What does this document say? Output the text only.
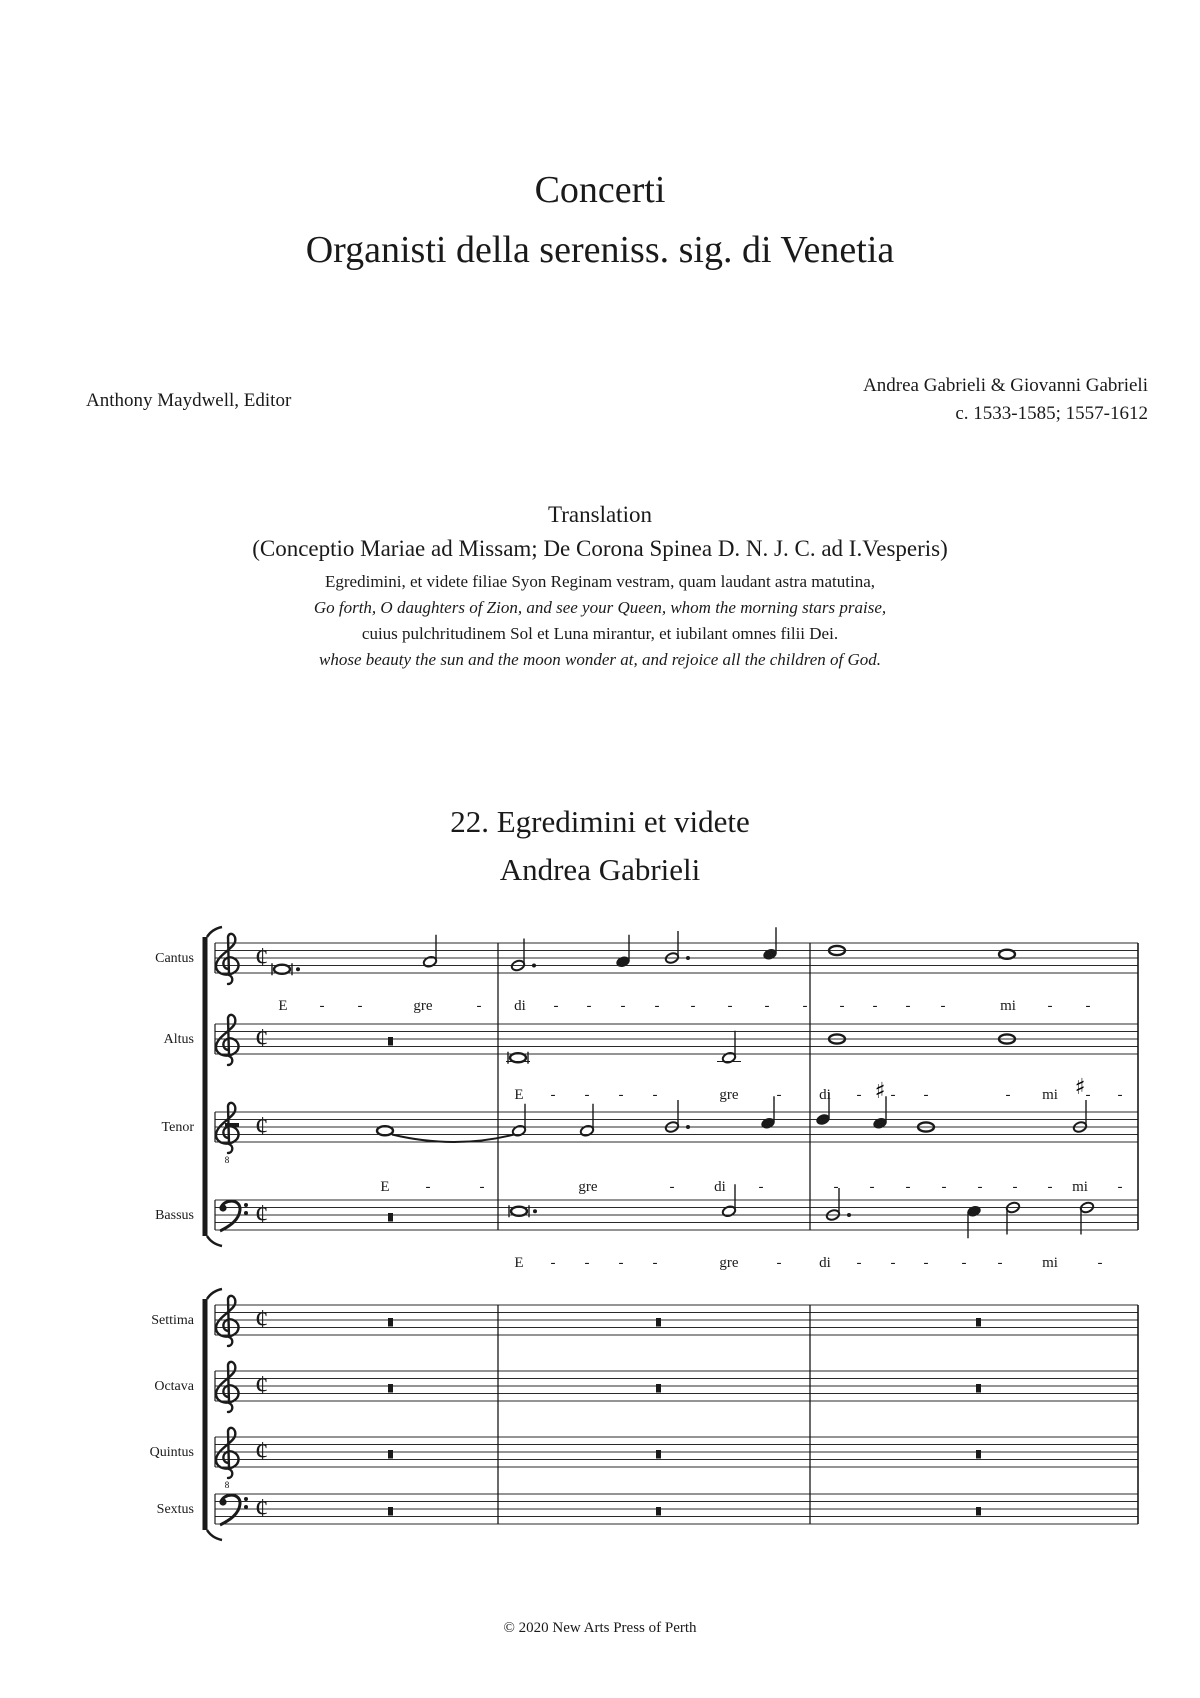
Concerti
Organisti della sereniss. sig. di Venetia
Anthony Maydwell, Editor
Andrea Gabrieli & Giovanni Gabrieli
c. 1533-1585; 1557-1612
Translation
(Conceptio Mariae ad Missam; De Corona Spinea D. N. J. C. ad I.Vesperis)
Egredimini, et videte filiae Syon Reginam vestram, quam laudant astra matutina,
Go forth, O daughters of Zion, and see your Queen, whom the morning stars praise,
cuius pulchritudinem Sol et Luna mirantur, et iubilant omnes filii Dei.
whose beauty the sun and the moon wonder at, and rejoice all the children of God.
22. Egredimini et videte
Andrea Gabrieli
Cantus ¢
Altus ¢
Tenor
8
¢
Bassus ¢
Settima ¢
Octava ¢
Quintus
8
¢
Sextus ¢
♯	♯
E - -	gre	- di - - - - - - - - - - - -	mi - -
E - - - -	gre	-	di - - -	- mi - -
E -	-	gre	-	di -	- - - - - - - mi -
E - - - -	gre	-	di - - - - -	mi	-
© 2020 New Arts Press of Perth
